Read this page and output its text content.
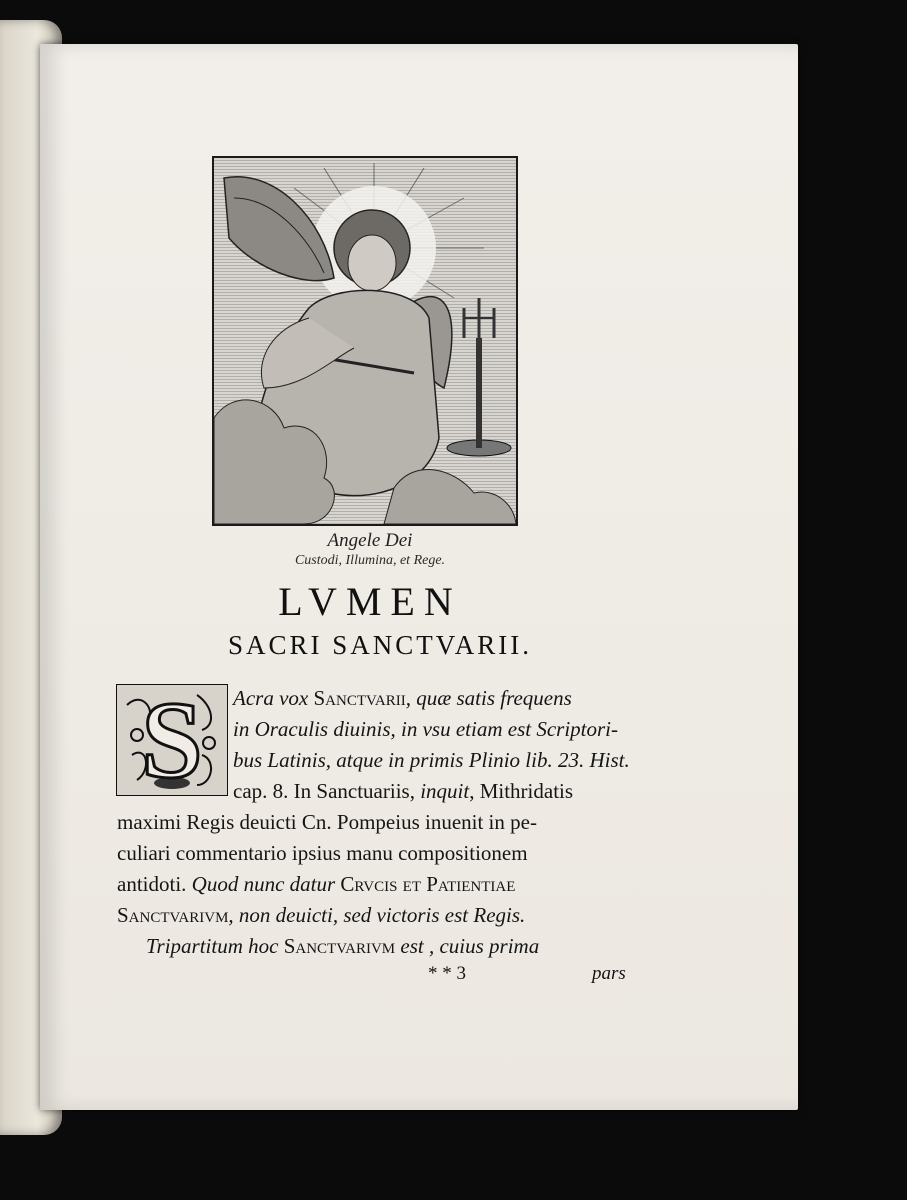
Angele Dei
Custodi, Illumina, et Rege.
LVMEN
SACRI SANCTVARII.
S	Acra vox Sanctvarii, quæ satis frequens
in Oraculis diuinis, in vsu etiam est Scriptori-
bus Latinis, atque in primis Plinio lib. 23. Hist.
cap. 8. In Sanctuariis, inquit, Mithridatis
maximi Regis deuicti Cn. Pompeius inuenit in pe-
culiari commentario ipsius manu compositionem
antidoti. Quod nunc datur Crvcis et Patientiae
Sanctvarivm, non deuicti, sed victoris est Regis.
Tripartitum hoc Sanctvarivm est , cuius prima
* * 3	pars
